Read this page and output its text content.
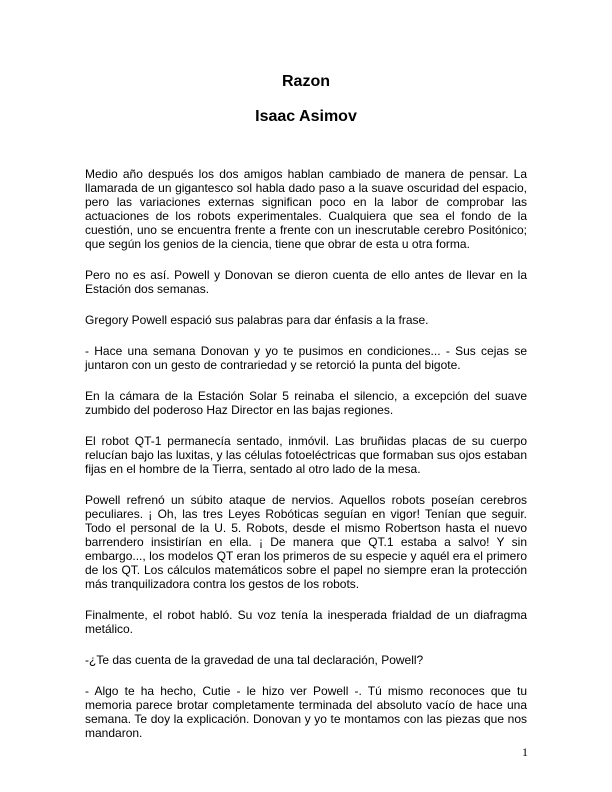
Razon
Isaac Asimov

Medio año después los dos amigos hablan cambiado de manera de pensar. La llamarada de un gigantesco sol habla dado paso a la suave oscuridad del espacio, pero las variaciones externas significan poco en la labor de comprobar las actuaciones de los robots experimentales. Cualquiera que sea el fondo de la cuestión, uno se encuentra frente a frente con un inescrutable cerebro Positónico; que según los genios de la ciencia, tiene que obrar de esta u otra forma.

Pero no es así. Powell y Donovan se dieron cuenta de ello antes de llevar en la Estación dos semanas.

Gregory Powell espació sus palabras para dar énfasis a la frase.

- Hace una semana Donovan y yo te pusimos en condiciones... - Sus cejas se juntaron con un gesto de contrariedad y se retorció la punta del bigote.

En la cámara de la Estación Solar 5 reinaba el silencio, a excepción del suave zumbido del poderoso Haz Director en las bajas regiones.

El robot QT-1 permanecía sentado, inmóvil. Las bruñidas placas de su cuerpo relucían bajo las luxitas, y las células fotoeléctricas que formaban sus ojos estaban fijas en el hombre de la Tierra, sentado al otro lado de la mesa.

Powell refrenó un súbito ataque de nervios. Aquellos robots poseían cerebros peculiares. ¡ Oh, las tres Leyes Robóticas seguían en vigor! Tenían que seguir. Todo el personal de la U. 5. Robots, desde el mismo Robertson hasta el nuevo barrendero insistirían en ella. ¡ De manera que QT.1 estaba a salvo! Y sin embargo..., los modelos QT eran los primeros de su especie y aquél era el primero de los QT. Los cálculos matemáticos sobre el papel no siempre eran la protección más tranquilizadora contra los gestos de los robots.

Finalmente, el robot habló. Su voz tenía la inesperada frialdad de un diafragma metálico.

-¿Te das cuenta de la gravedad de una tal declaración, Powell?

- Algo te ha hecho, Cutie - le hizo ver Powell -. Tú mismo reconoces que tu memoria parece brotar completamente terminada del absoluto vacío de hace una semana. Te doy la explicación. Donovan y yo te montamos con las piezas que nos mandaron.

1
